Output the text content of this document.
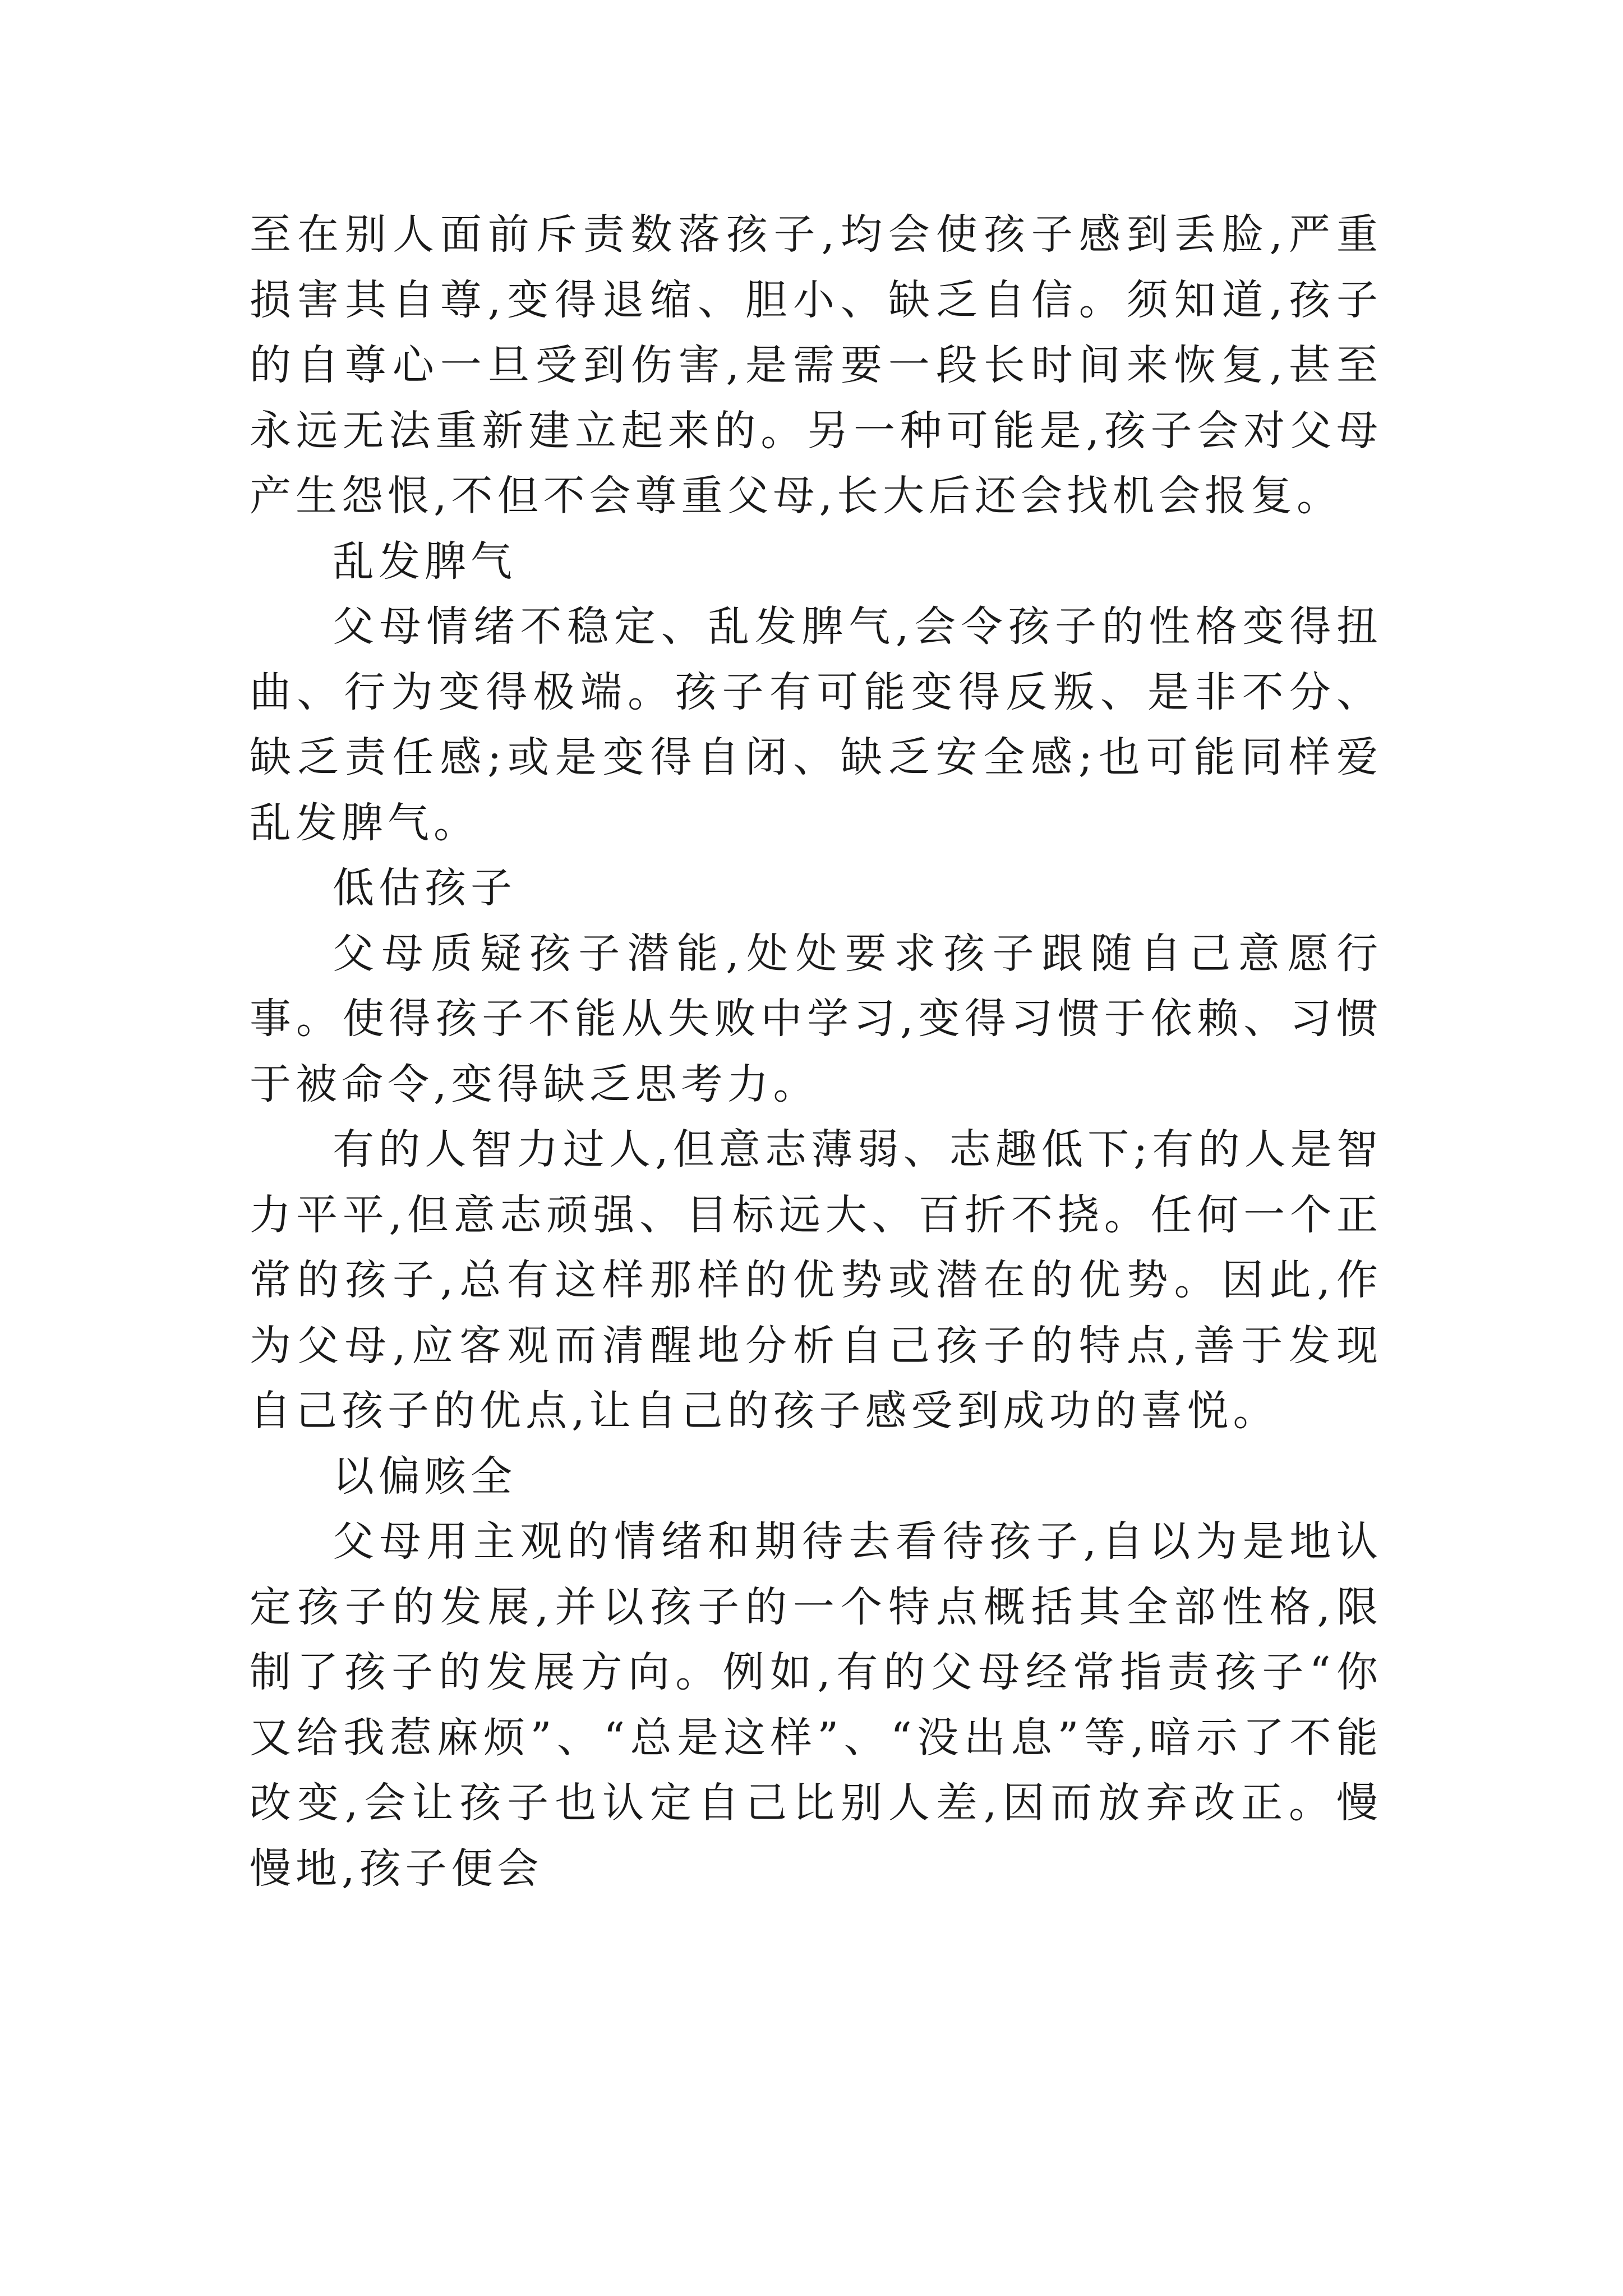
至在别人面前斥责数落孩子,均会使孩子感到丢脸,严重损害其自尊,变得退缩、胆小、缺乏自信。须知道,孩子的自尊心一旦受到伤害,是需要一段长时间来恢复,甚至永远无法重新建立起来的。另一种可能是,孩子会对父母产生怨恨,不但不会尊重父母,长大后还会找机会报复。

乱发脾气

父母情绪不稳定、乱发脾气,会令孩子的性格变得扭曲、行为变得极端。孩子有可能变得反叛、是非不分、缺乏责任感;或是变得自闭、缺乏安全感;也可能同样爱乱发脾气。

低估孩子

父母质疑孩子潜能,处处要求孩子跟随自己意愿行事。使得孩子不能从失败中学习,变得习惯于依赖、习惯于被命令,变得缺乏思考力。

有的人智力过人,但意志薄弱、志趣低下;有的人是智力平平,但意志顽强、目标远大、百折不挠。任何一个正常的孩子,总有这样那样的优势或潜在的优势。因此,作为父母,应客观而清醒地分析自己孩子的特点,善于发现自己孩子的优点,让自己的孩子感受到成功的喜悦。

以偏赅全

父母用主观的情绪和期待去看待孩子,自以为是地认定孩子的发展,并以孩子的一个特点概括其全部性格,限制了孩子的发展方向。例如,有的父母经常指责孩子“你又给我惹麻烦”、“总是这样”、“没出息”等,暗示了不能改变,会让孩子也认定自己比别人差,因而放弃改正。慢慢地,孩子便会
